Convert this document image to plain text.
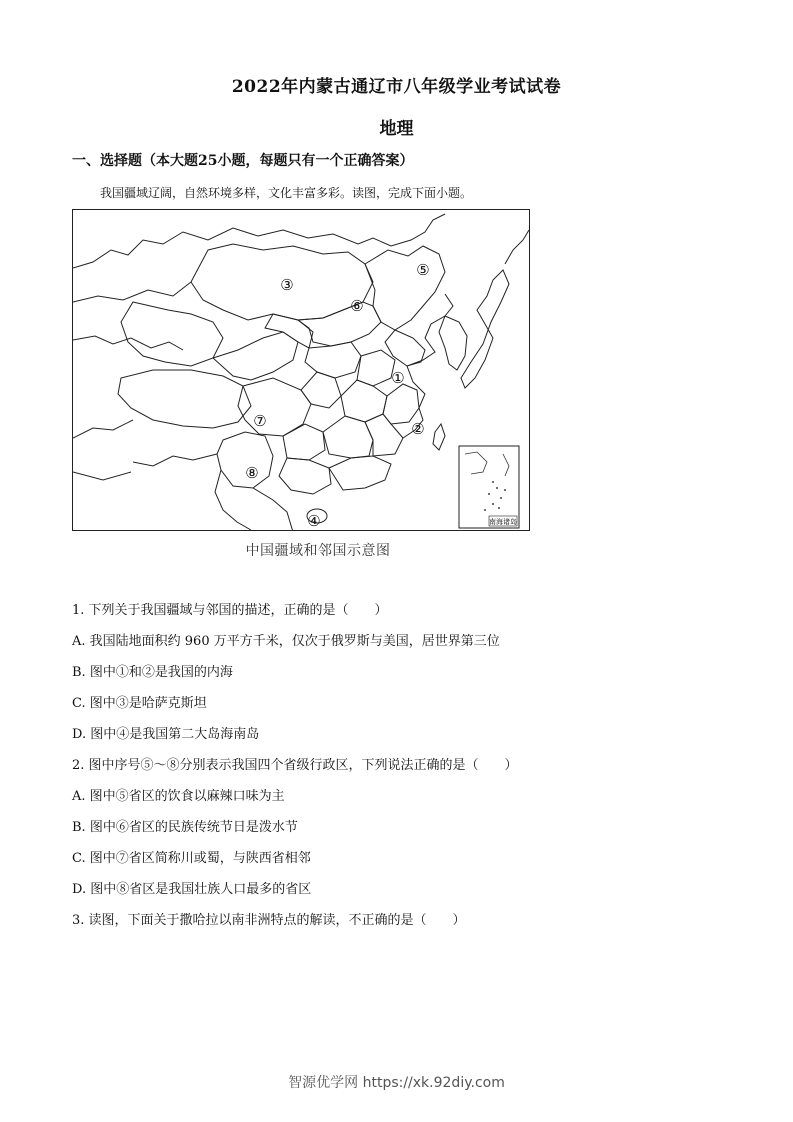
2022年内蒙古通辽市八年级学业考试试卷
地理
一、选择题（本大题25小题，每题只有一个正确答案）
我国疆域辽阔，自然环境多样，文化丰富多彩。读图，完成下面小题。
南海诸岛
①
②
③
④
⑤
⑥
⑦
⑧
中国疆域和邻国示意图
1. 下列关于我国疆域与邻国的描述，正确的是（　　）
A. 我国陆地面积约 960 万平方千米，仅次于俄罗斯与美国，居世界第三位
B. 图中①和②是我国的内海
C. 图中③是哈萨克斯坦
D. 图中④是我国第二大岛海南岛
2. 图中序号⑤～⑧分别表示我国四个省级行政区，下列说法正确的是（　　）
A. 图中⑤省区的饮食以麻辣口味为主
B. 图中⑥省区的民族传统节日是泼水节
C. 图中⑦省区简称川或蜀，与陕西省相邻
D. 图中⑧省区是我国壮族人口最多的省区
3. 读图，下面关于撒哈拉以南非洲特点的解读，不正确的是（　　）
智源优学网 https://xk.92diy.com
